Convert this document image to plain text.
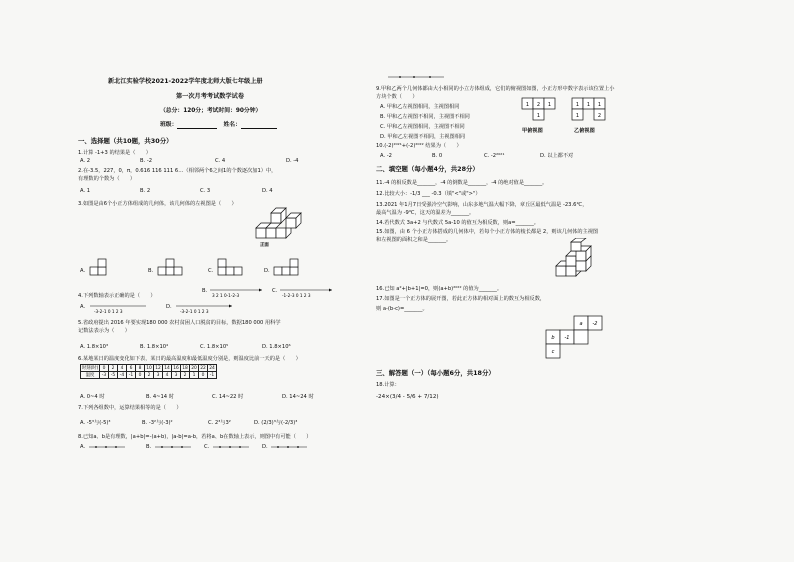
新北江实验学校2021-2022学年度北师大版七年级上册
第一次月考考试数学试卷
（总分：120分；考试时间：90分钟）
班级：	姓名：
一、选择题（共10题，共30分）
1.计算 -1+3 的结果是（　　）
A. 2	B. -2	C. 4	D. -4
2.在-3.5，227，0，π，0.616 116 111 6…（相邻两个6之间1的个数逐次加1）中，
有理数的个数为（　　）
A. 1	B. 2	C. 3	D. 4
3.如图是由6个小正方体组成的几何体，该几何体的左视图是（　　）
正面
A.	B.	C.	D.
4.下列数轴表示正确的是（　　）
B.
3 2 1 0-1-2-3
C.
-1-2-3 0 1 2 3
A.
-3-2-1 0 1 2 3
D.
-3-2-1 0 1 2 3
5.省政府提出 2016 年要实现180 000 农村贫困人口脱贫的目标，数据180 000 用科学
记数法表示为（　　）
A. 1.8×10³	B. 1.8×10⁴	C. 1.8×10⁵	D. 1.8×10⁶
6.某地某日的温度变化如下表，某日的最高温度和最低温度分别是，则温度比前一天的是（　　）
时刻(时)	0	2	4	6	8	10	12	14	16	18	20	22	24
温度	-3	-5	-4	-1	0	2	3	4	3	2	1	0	-1
A. 0~4 时	B. 4~14 时	C. 14~22 时	D. 14~24 时
7.下列各组数中，运算结果相等的是（　　）
A. -5³与(-5)³	B. -3²与(-3)²	C. 2³与3²	D. (2/3)³与(-2/3)³
8.已知a、b是有理数，|a+b|=-(a+b)，|a-b|=a-b，若将a、b在数轴上表示，则图中有可能（　　）
A.	B.	C.	D.
9.甲和乙两个几何体都由大小相同的小立方体组成，它们的俯视图如图，小正方形中数字表示该位置上小
方块个数（　　）
A. 甲和乙左视图相同，主视图相同
B. 甲和乙左视图不相同，主视图不相同
C. 甲和乙左视图相同，主视图不相同
D. 甲和乙左视图不相同，主视图相同
1 2 1
1
1 1 1
1	2
甲俯视图	乙俯视图
10.(-2)²⁰²¹+(-2)²⁰²² 结果为（　　）
A. -2	B. 0	C. -2²⁰²¹	D. 以上都不对
二、填空题（每小题4分，共28分）
11.-4 的相反数是_______，-4 的倒数是_______，-4 的绝对值是_______。
12.比较大小：-1/3 ___ -0.3（填"<"或">"）
13.2021 年1月7日受强冷空气影响，山东多地气温大幅下降，章丘区最低气温是 -23.6℃，
最高气温为 -9℃，这天的温差为_______。
14.若代数式 3a+2 与代数式 5a-10 的值互为相反数，则a=_______。
15.如图，由 6 个小正方体搭成的几何体中，若每个小正方体的棱长都是 2，则该几何体的主视图
和左视图的面积之和是_______。
16.已知 a²+|b+1|=0，则(a+b)²⁰²² 的值为_______。
17.如图是一个正方体的展开图，若此正方体的相对面上的数互为相反数，
则 a-(b-c)=_______。
a -2
b -1
c
三、解答题（一）（每小题6分，共18分）
18.计算：
-24×(3/4 - 5/6 + 7/12)
